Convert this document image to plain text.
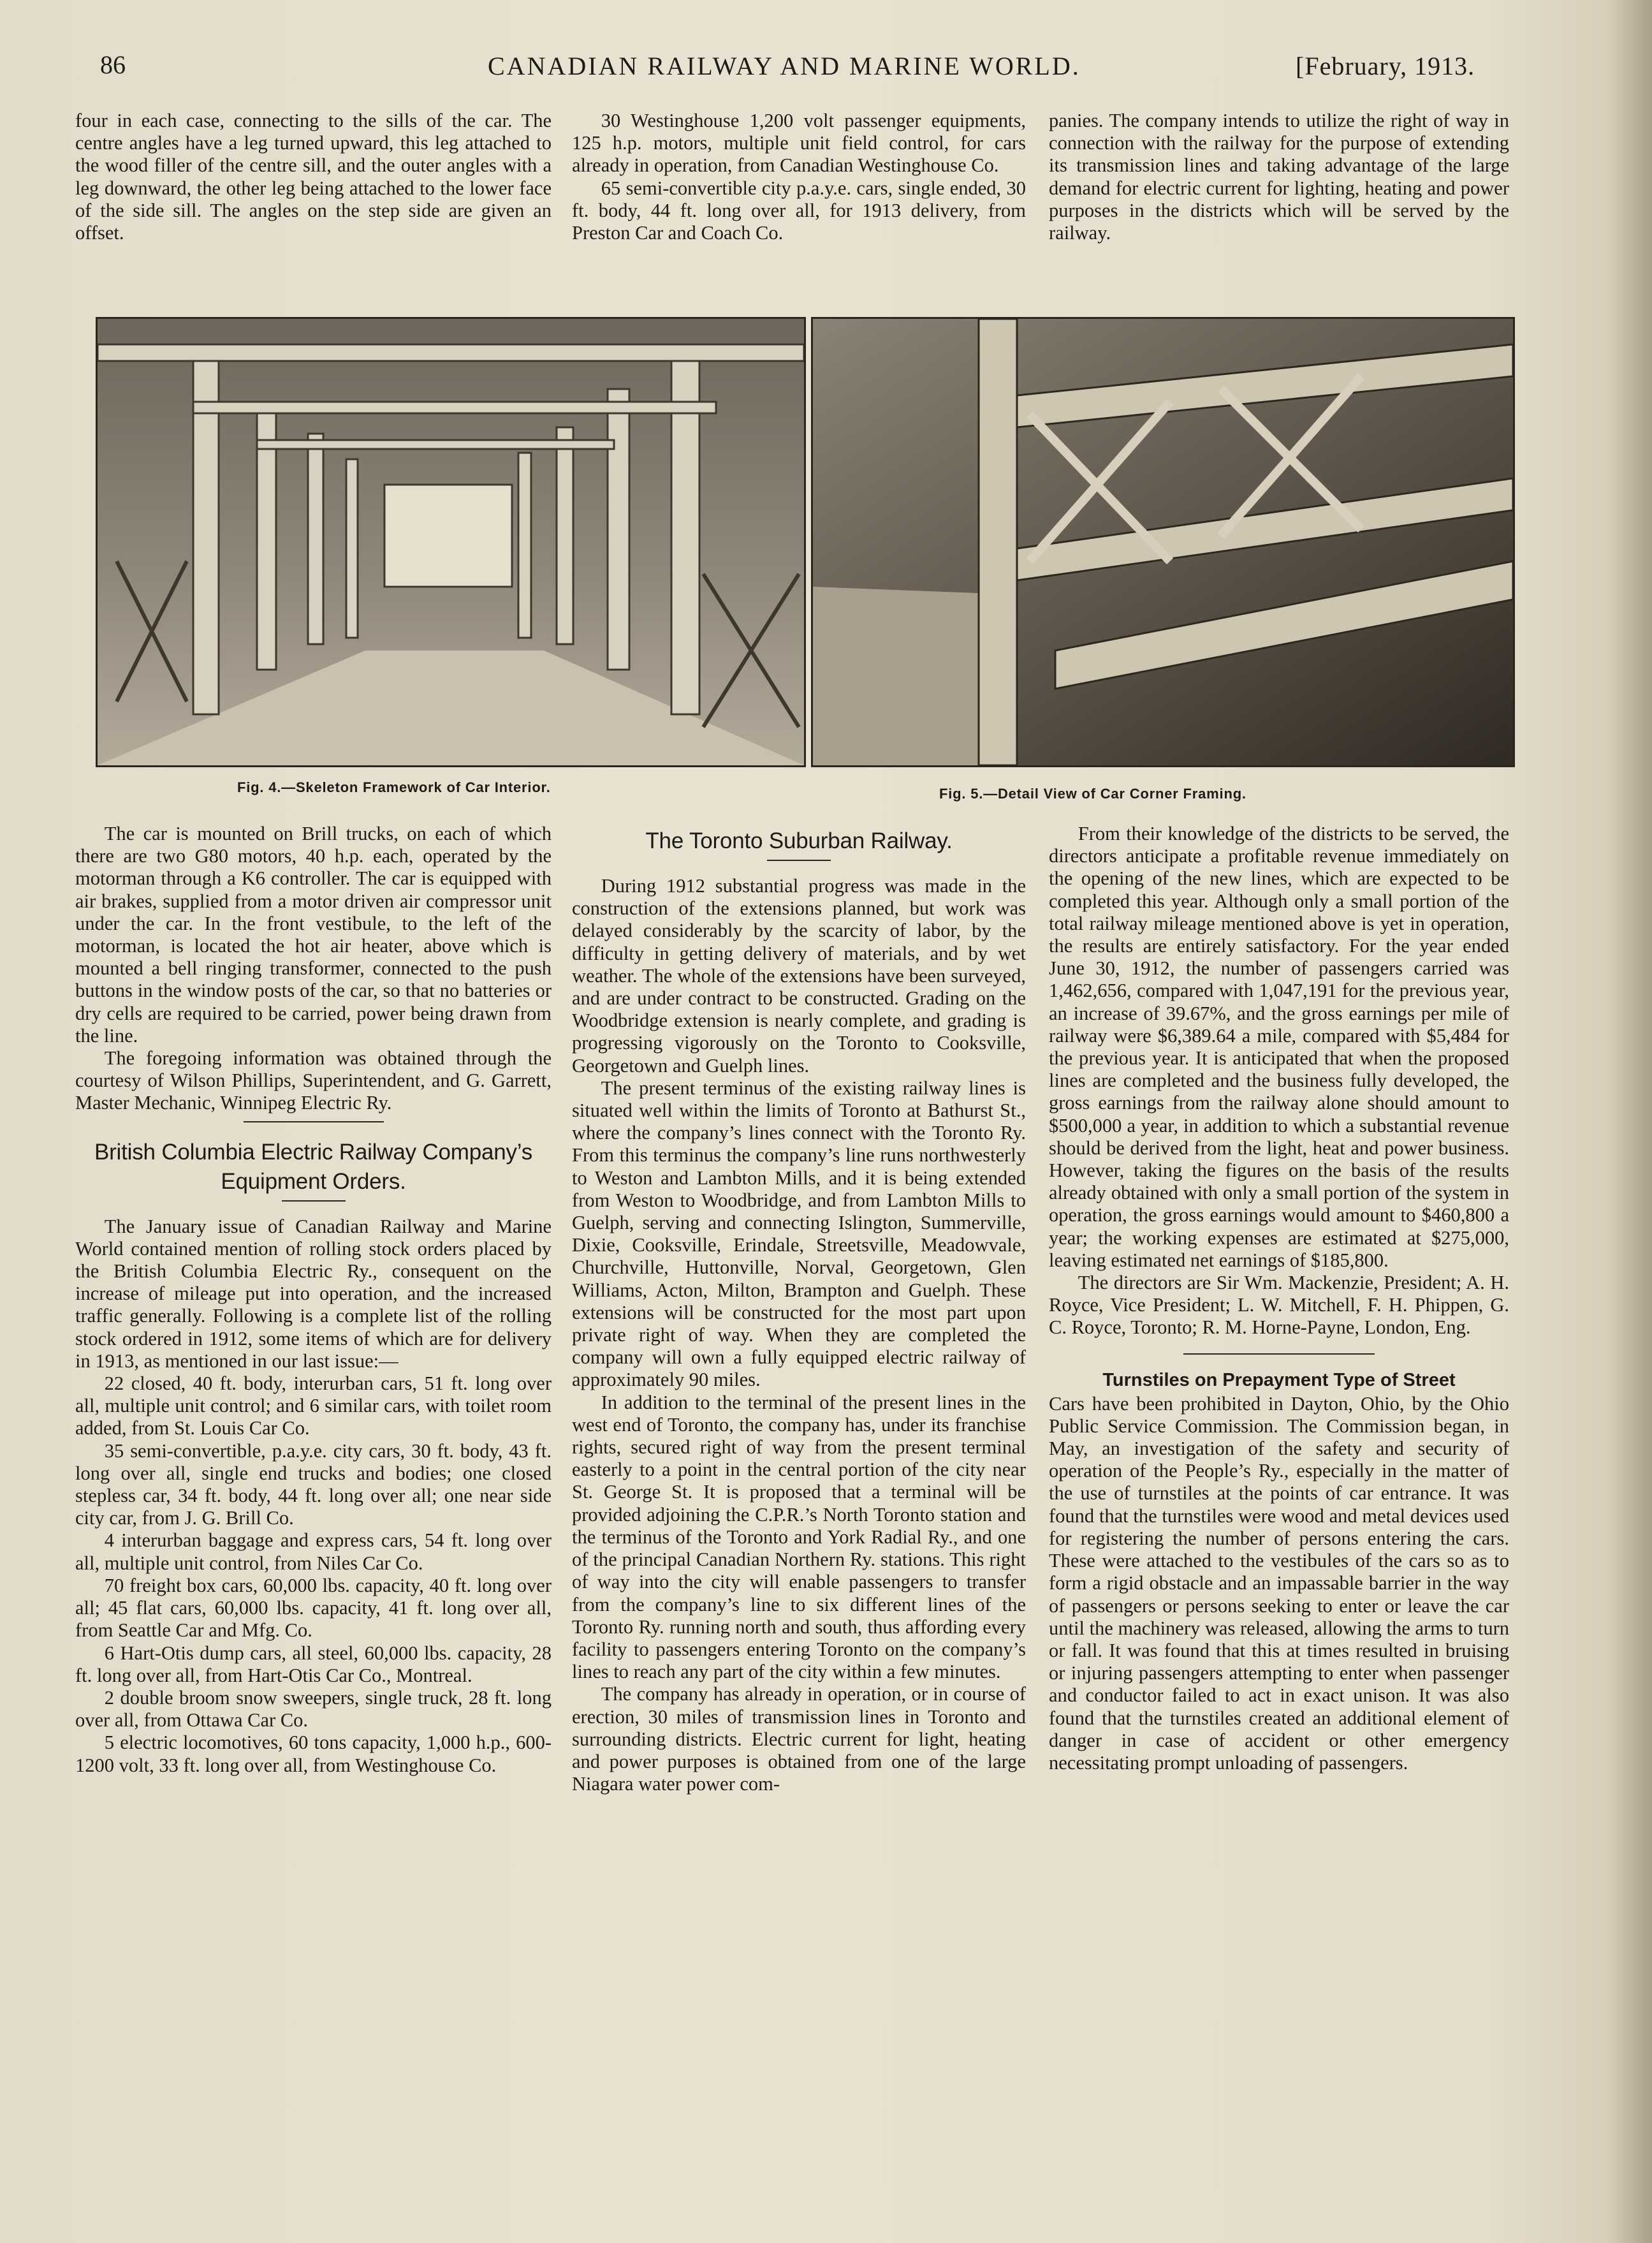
86	CANADIAN RAILWAY AND MARINE WORLD.	[February, 1913.

four in each case, connecting to the sills of the car. The centre angles have a leg turned upward, this leg attached to the wood filler of the centre sill, and the outer angles with a leg downward, the other leg being attached to the lower face of the side sill. The angles on the step side are given an offset.

30 Westinghouse 1,200 volt passenger equipments, 125 h.p. motors, multiple unit field control, for cars already in operation, from Canadian Westinghouse Co.

65 semi-convertible city p.a.y.e. cars, single ended, 30 ft. body, 44 ft. long over all, for 1913 delivery, from Preston Car and Coach Co.

panies. The company intends to utilize the right of way in connection with the railway for the purpose of extending its transmission lines and taking advantage of the large demand for electric current for lighting, heating and power purposes in the districts which will be served by the railway.

Fig. 4.—Skeleton Framework of Car Interior.	Fig. 5.—Detail View of Car Corner Framing.

The car is mounted on Brill trucks, on each of which there are two G80 motors, 40 h.p. each, operated by the motorman through a K6 controller. The car is equipped with air brakes, supplied from a motor driven air compressor unit under the car. In the front vestibule, to the left of the motorman, is located the hot air heater, above which is mounted a bell ringing transformer, connected to the push buttons in the window posts of the car, so that no batteries or dry cells are required to be carried, power being drawn from the line.

The foregoing information was obtained through the courtesy of Wilson Phillips, Superintendent, and G. Garrett, Master Mechanic, Winnipeg Electric Ry.

British Columbia Electric Railway Company’s Equipment Orders.

The January issue of Canadian Railway and Marine World contained mention of rolling stock orders placed by the British Columbia Electric Ry., consequent on the increase of mileage put into operation, and the increased traffic generally. Following is a complete list of the rolling stock ordered in 1912, some items of which are for delivery in 1913, as mentioned in our last issue:—

22 closed, 40 ft. body, interurban cars, 51 ft. long over all, multiple unit control; and 6 similar cars, with toilet room added, from St. Louis Car Co.

35 semi-convertible, p.a.y.e. city cars, 30 ft. body, 43 ft. long over all, single end trucks and bodies; one closed stepless car, 34 ft. body, 44 ft. long over all; one near side city car, from J. G. Brill Co.

4 interurban baggage and express cars, 54 ft. long over all, multiple unit control, from Niles Car Co.

70 freight box cars, 60,000 lbs. capacity, 40 ft. long over all; 45 flat cars, 60,000 lbs. capacity, 41 ft. long over all, from Seattle Car and Mfg. Co.

6 Hart-Otis dump cars, all steel, 60,000 lbs. capacity, 28 ft. long over all, from Hart-Otis Car Co., Montreal.

2 double broom snow sweepers, single truck, 28 ft. long over all, from Ottawa Car Co.

5 electric locomotives, 60 tons capacity, 1,000 h.p., 600-1200 volt, 33 ft. long over all, from Westinghouse Co.

The Toronto Suburban Railway.

During 1912 substantial progress was made in the construction of the extensions planned, but work was delayed considerably by the scarcity of labor, by the difficulty in getting delivery of materials, and by wet weather. The whole of the extensions have been surveyed, and are under contract to be constructed. Grading on the Woodbridge extension is nearly complete, and grading is progressing vigorously on the Toronto to Cooksville, Georgetown and Guelph lines.

The present terminus of the existing railway lines is situated well within the limits of Toronto at Bathurst St., where the company’s lines connect with the Toronto Ry. From this terminus the company’s line runs northwesterly to Weston and Lambton Mills, and it is being extended from Weston to Woodbridge, and from Lambton Mills to Guelph, serving and connecting Islington, Summerville, Dixie, Cooksville, Erindale, Streetsville, Meadowvale, Churchville, Huttonville, Norval, Georgetown, Glen Williams, Acton, Milton, Brampton and Guelph. These extensions will be constructed for the most part upon private right of way. When they are completed the company will own a fully equipped electric railway of approximately 90 miles.

In addition to the terminal of the present lines in the west end of Toronto, the company has, under its franchise rights, secured right of way from the present terminal easterly to a point in the central portion of the city near St. George St. It is proposed that a terminal will be provided adjoining the C.P.R.’s North Toronto station and the terminus of the Toronto and York Radial Ry., and one of the principal Canadian Northern Ry. stations. This right of way into the city will enable passengers to transfer from the company’s line to six different lines of the Toronto Ry. running north and south, thus affording every facility to passengers entering Toronto on the company’s lines to reach any part of the city within a few minutes.

The company has already in operation, or in course of erection, 30 miles of transmission lines in Toronto and surrounding districts. Electric current for light, heating and power purposes is obtained from one of the large Niagara water power com-

From their knowledge of the districts to be served, the directors anticipate a profitable revenue immediately on the opening of the new lines, which are expected to be completed this year. Although only a small portion of the total railway mileage mentioned above is yet in operation, the results are entirely satisfactory. For the year ended June 30, 1912, the number of passengers carried was 1,462,656, compared with 1,047,191 for the previous year, an increase of 39.67%, and the gross earnings per mile of railway were $6,389.64 a mile, compared with $5,484 for the previous year. It is anticipated that when the proposed lines are completed and the business fully developed, the gross earnings from the railway alone should amount to $500,000 a year, in addition to which a substantial revenue should be derived from the light, heat and power business. However, taking the figures on the basis of the results already obtained with only a small portion of the system in operation, the gross earnings would amount to $460,800 a year; the working expenses are estimated at $275,000, leaving estimated net earnings of $185,800.

The directors are Sir Wm. Mackenzie, President; A. H. Royce, Vice President; L. W. Mitchell, F. H. Phippen, G. C. Royce, Toronto; R. M. Horne-Payne, London, Eng.

Turnstiles on Prepayment Type of Street

Cars have been prohibited in Dayton, Ohio, by the Ohio Public Service Commission. The Commission began, in May, an investigation of the safety and security of operation of the People’s Ry., especially in the matter of the use of turnstiles at the points of car entrance. It was found that the turnstiles were wood and metal devices used for registering the number of persons entering the cars. These were attached to the vestibules of the cars so as to form a rigid obstacle and an impassable barrier in the way of passengers or persons seeking to enter or leave the car until the machinery was released, allowing the arms to turn or fall. It was found that this at times resulted in bruising or injuring passengers attempting to enter when passenger and conductor failed to act in exact unison. It was also found that the turnstiles created an additional element of danger in case of accident or other emergency necessitating prompt unloading of passengers.
